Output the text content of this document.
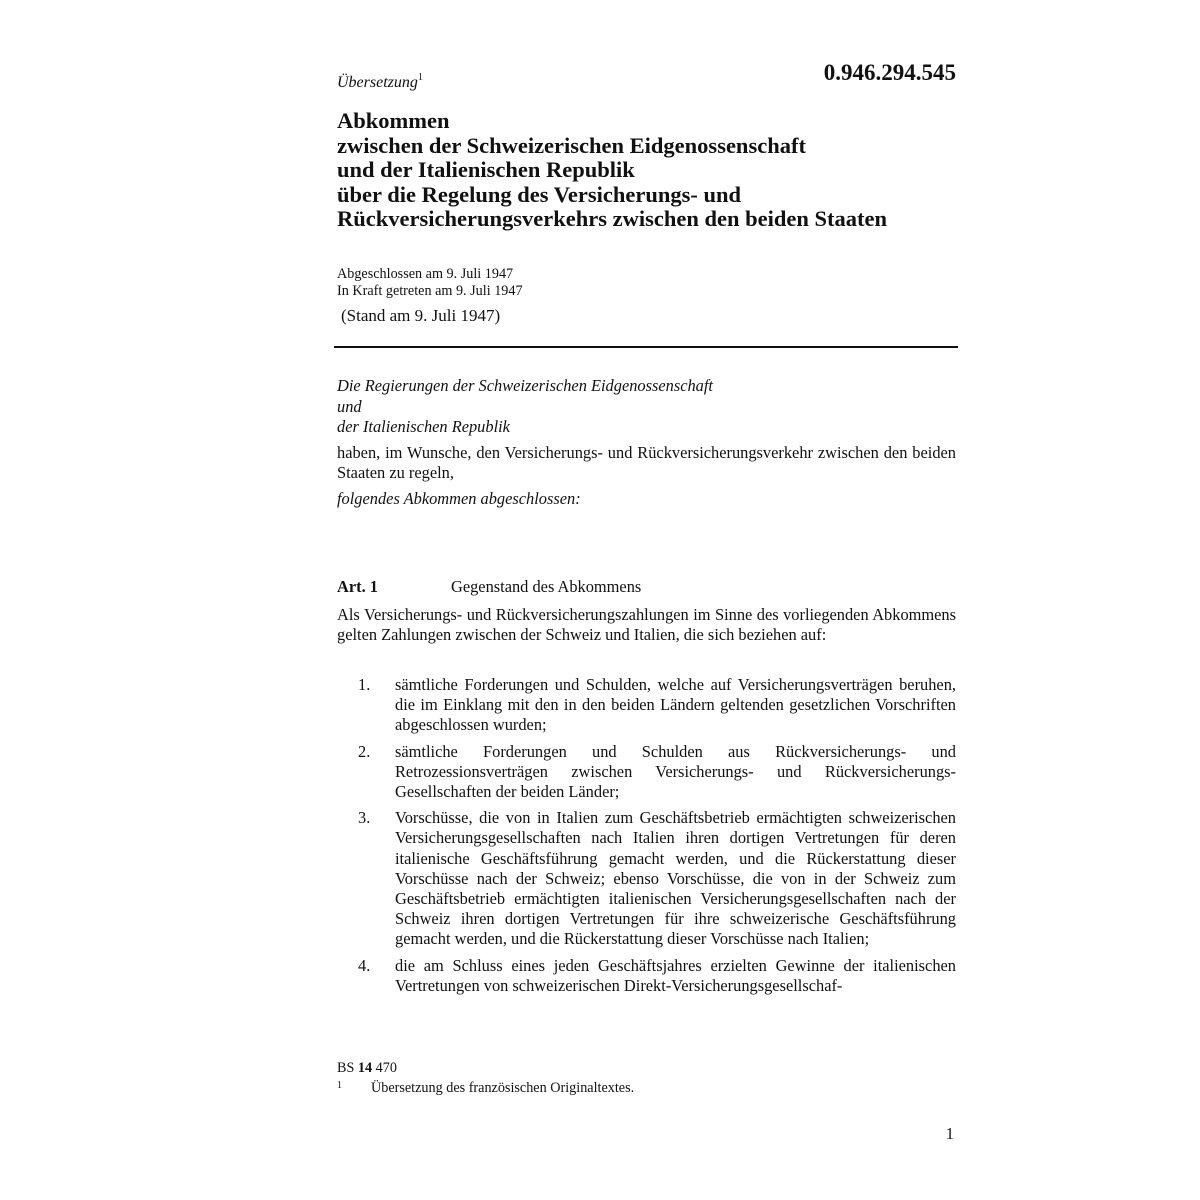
Übersetzung$^1$	0.946.294.545
Abkommen
zwischen der Schweizerischen Eidgenossenschaft
und der Italienischen Republik
über die Regelung des Versicherungs- und
Rückversicherungsverkehrs zwischen den beiden Staaten
Abgeschlossen am 9. Juli 1947
In Kraft getreten am 9. Juli 1947
(Stand am 9. Juli 1947)
Die Regierungen der Schweizerischen Eidgenossenschaft
und
der Italienischen Republik
haben, im Wunsche, den Versicherungs- und Rückversicherungsverkehr zwischen den beiden Staaten zu regeln,
folgendes Abkommen abgeschlossen:
Art. 1	Gegenstand des Abkommens
Als Versicherungs- und Rückversicherungszahlungen im Sinne des vorliegenden Abkommens gelten Zahlungen zwischen der Schweiz und Italien, die sich beziehen auf:
1.	sämtliche Forderungen und Schulden, welche auf Versicherungsverträgen beruhen, die im Einklang mit den in den beiden Ländern geltenden gesetzlichen Vorschriften abgeschlossen wurden;
2.	sämtliche Forderungen und Schulden aus Rückversicherungs- und Retrozessionsverträgen zwischen Versicherungs- und Rückversicherungs-Gesellschaften der beiden Länder;
3.	Vorschüsse, die von in Italien zum Geschäftsbetrieb ermächtigten schweizerischen Versicherungsgesellschaften nach Italien ihren dortigen Vertretungen für deren italienische Geschäftsführung gemacht werden, und die Rückerstattung dieser Vorschüsse nach der Schweiz; ebenso Vorschüsse, die von in der Schweiz zum Geschäftsbetrieb ermächtigten italienischen Versicherungsgesellschaften nach der Schweiz ihren dortigen Vertretungen für ihre schweizerische Geschäftsführung gemacht werden, und die Rückerstattung dieser Vorschüsse nach Italien;
4.	die am Schluss eines jeden Geschäftsjahres erzielten Gewinne der italienischen Vertretungen von schweizerischen Direkt-Versicherungsgesellschaf-
BS 14 470
1 Übersetzung des französischen Originaltextes.
1
